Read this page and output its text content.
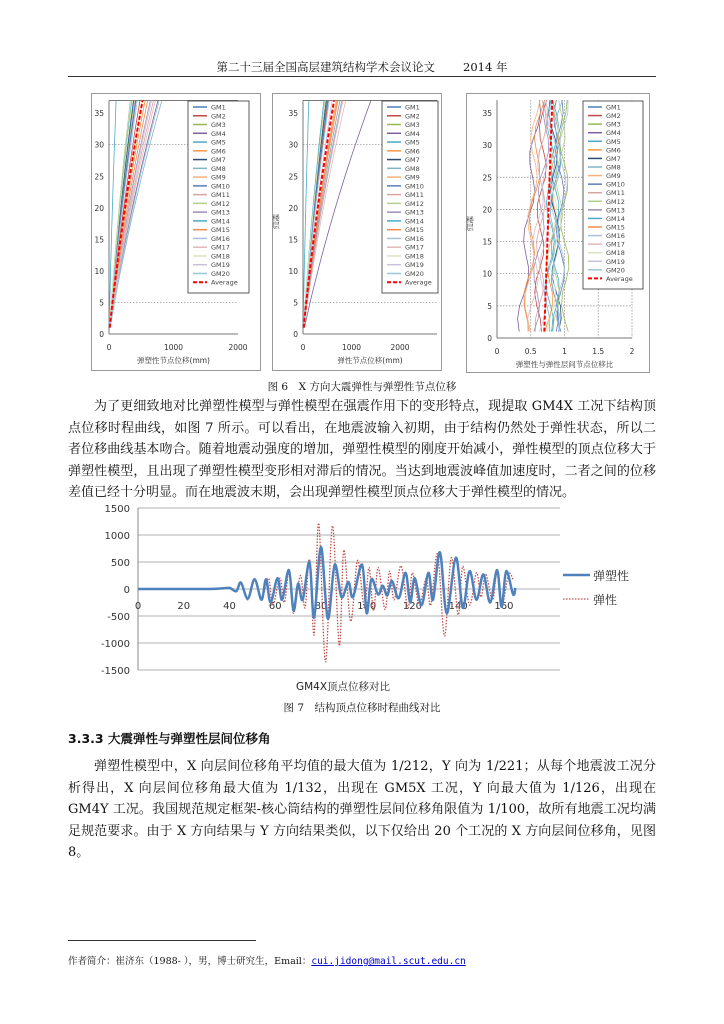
第二十三届全国高层建筑结构学术会议论文 2014 年
0
5
10
15
20
25
30
35
0	1000	2000
弹塑性节点位移(mm)
GM1
GM2
GM3
GM4
GM5
GM6
GM7
GM8
GM9
GM10
GM11
GM12
GM13
GM14
GM15
GM16
GM17
GM18
GM19
GM20
Average
0
5
10
15
20
25
30
35
0	1000	2000
弹性节点位移(mm)
楼层
GM1
GM2
GM3
GM4
GM5
GM6
GM7
GM8
GM9
GM10
GM11
GM12
GM13
GM14
GM15
GM16
GM17
GM18
GM19
GM20
Average
0
5
10
15
20
25
30
35
0	0.5	1	1.5	2
弹塑性与弹性层间节点位移比
楼层
GM1
GM2
GM3
GM4
GM5
GM6
GM7
GM8
GM9
GM10
GM11
GM12
GM13
GM14
GM15
GM16
GM17
GM18
GM19
GM20
Average
图 6　X 方向大震弹性与弹塑性节点位移
为了更细致地对比弹塑性模型与弹性模型在强震作用下的变形特点，现提取 GM4X 工况下结构顶点位移时程曲线，如图 7 所示。可以看出，在地震波输入初期，由于结构仍然处于弹性状态，所以二者位移曲线基本吻合。随着地震动强度的增加，弹塑性模型的刚度开始减小，弹性模型的顶点位移大于弹塑性模型，且出现了弹塑性模型变形相对滞后的情况。当达到地震波峰值加速度时，二者之间的位移差值已经十分明显。而在地震波末期，会出现弹塑性模型顶点位移大于弹性模型的情况。
-1500
-1000
-500
0
500
1000
1500
0	20	40	60	80	100	120	140	160
弹塑性
弹性
GM4X顶点位移对比
图 7　结构顶点位移时程曲线对比
3.3.3 大震弹性与弹塑性层间位移角
弹塑性模型中，X 向层间位移角平均值的最大值为 1/212，Y 向为 1/221；从每个地震波工况分析得出，X 向层间位移角最大值为 1/132，出现在 GM5X 工况，Y 向最大值为 1/126，出现在 GM4Y 工况。我国规范规定框架-核心筒结构的弹塑性层间位移角限值为 1/100，故所有地震工况均满足规范要求。由于 X 方向结果与 Y 方向结果类似，以下仅给出 20 个工况的 X 方向层间位移角，见图 8。
作者简介：崔济东（1988- ），男，博士研究生，Email：cui.jidong@mail.scut.edu.cn
